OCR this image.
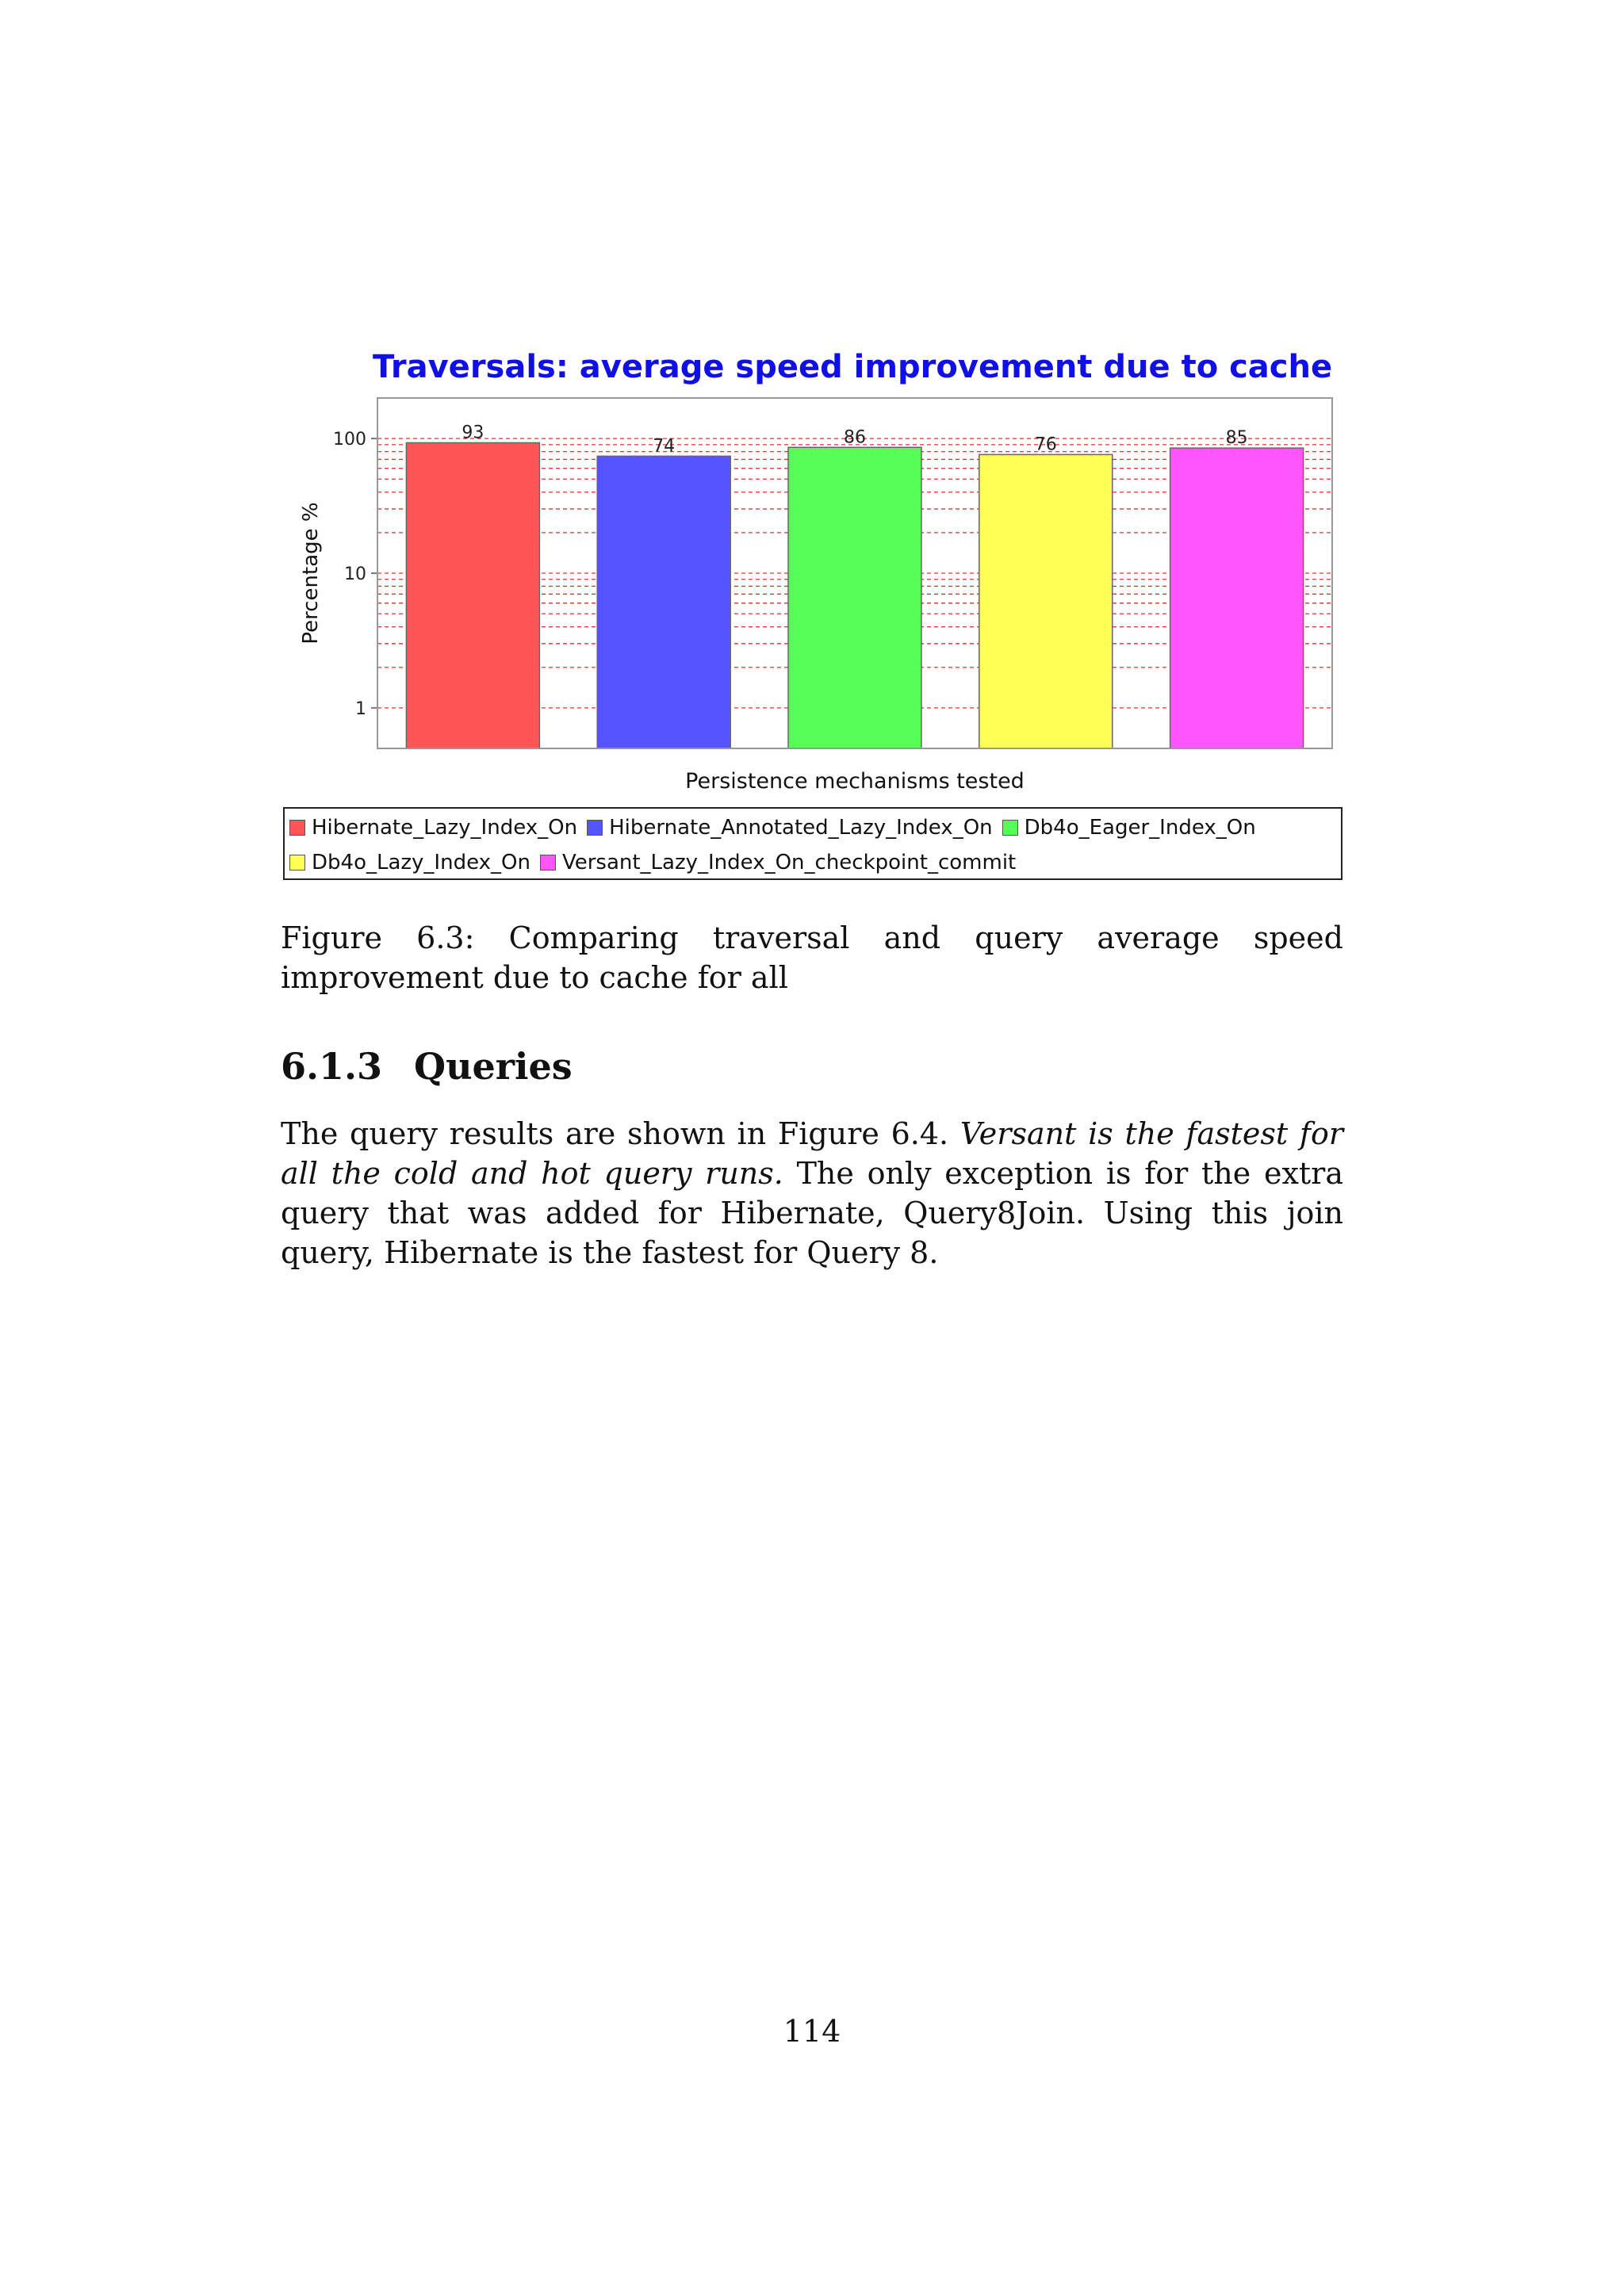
Traversals: average speed improvement due to cache
93
74	86	76	85
1
10
100
Percentage %
Persistence mechanisms tested
Hibernate_Lazy_Index_On Hibernate_Annotated_Lazy_Index_On Db4o_Eager_Index_On
Db4o_Lazy_Index_On Versant_Lazy_Index_On_checkpoint_commit
Figure 6.3: Comparing traversal and query average speed improvement due to cache for all
6.1.3 Queries
The query results are shown in Figure 6.4. Versant is the fastest for all the cold and hot query runs. The only exception is for the extra query that was added for Hibernate, Query8Join. Using this join query, Hibernate is the fastest for Query 8.
114
